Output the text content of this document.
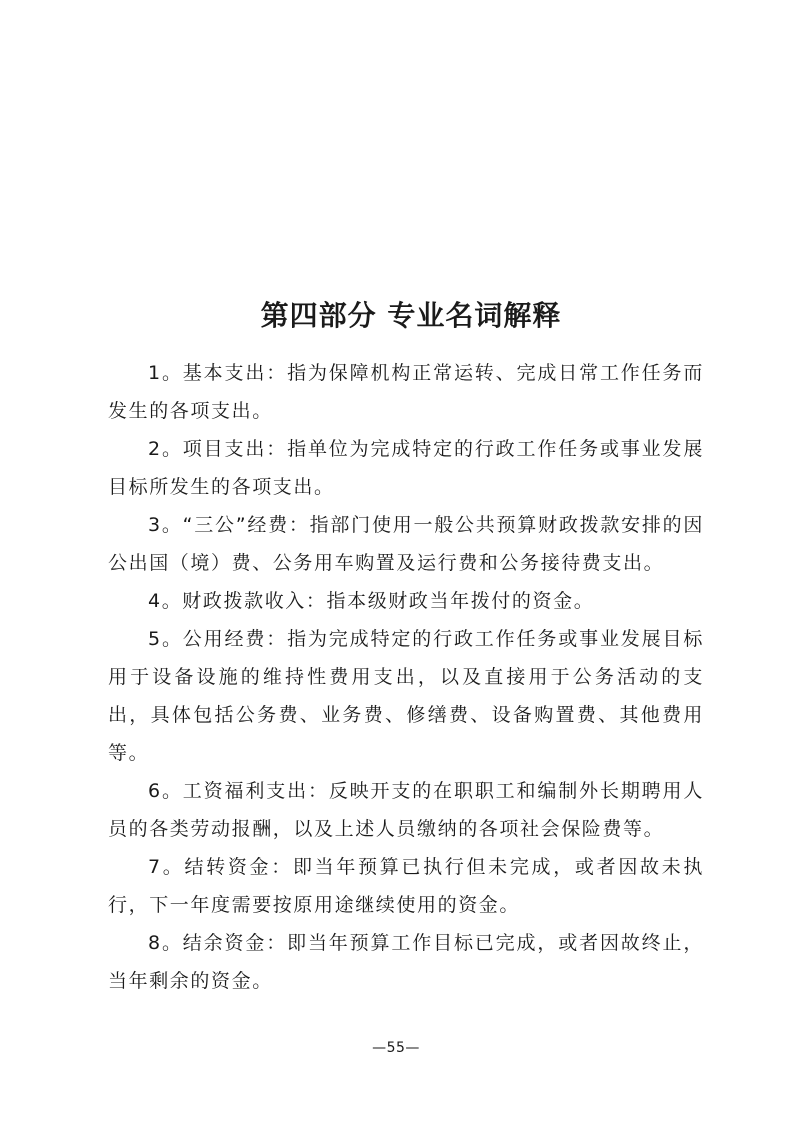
第四部分 专业名词解释

1。基本支出：指为保障机构正常运转、完成日常工作任务而发生的各项支出。

2。项目支出：指单位为完成特定的行政工作任务或事业发展目标所发生的各项支出。

3。“三公”经费：指部门使用一般公共预算财政拨款安排的因公出国（境）费、公务用车购置及运行费和公务接待费支出。

4。财政拨款收入：指本级财政当年拨付的资金。

5。公用经费：指为完成特定的行政工作任务或事业发展目标用于设备设施的维持性费用支出，以及直接用于公务活动的支出，具体包括公务费、业务费、修缮费、设备购置费、其他费用等。

6。工资福利支出：反映开支的在职职工和编制外长期聘用人员的各类劳动报酬，以及上述人员缴纳的各项社会保险费等。

7。结转资金：即当年预算已执行但未完成，或者因故未执行，下一年度需要按原用途继续使用的资金。

8。结余资金：即当年预算工作目标已完成，或者因故终止，当年剩余的资金。

—55—
